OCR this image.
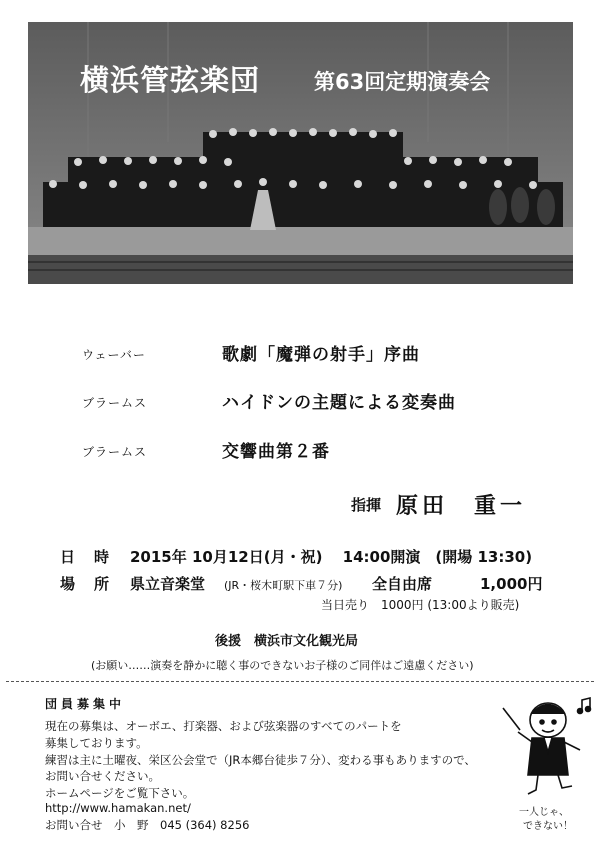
横浜管弦楽団	第63回定期演奏会
ウェーバー	歌劇「魔弾の射手」序曲
ブラームス	ハイドンの主題による変奏曲
ブラームス	交響曲第２番
指揮 原田　重一
日　時 2015年 10月12日(月・祝)　 14:00開演　(開場 13:30)
場　所 県立音楽堂 (JR・桜木町駅下車７分) 全自由席	1,000円
当日売り　1000円 (13:00より販売)
後援　横浜市文化観光局
(お願い……演奏を静かに聴く事のできないお子様のご同伴はご遠慮ください)
団員募集中
現在の募集は、オーボエ、打楽器、および弦楽器のすべてのパートを
募集しております。
練習は主に土曜夜、栄区公会堂で（JR本郷台徒歩７分）、変わる事もありますので、
お問い合せください。
ホームページをご覧下さい。
http://www.hamakan.net/
お問い合せ　小　野　045 (364) 8256
一人じゃ、
できない！
